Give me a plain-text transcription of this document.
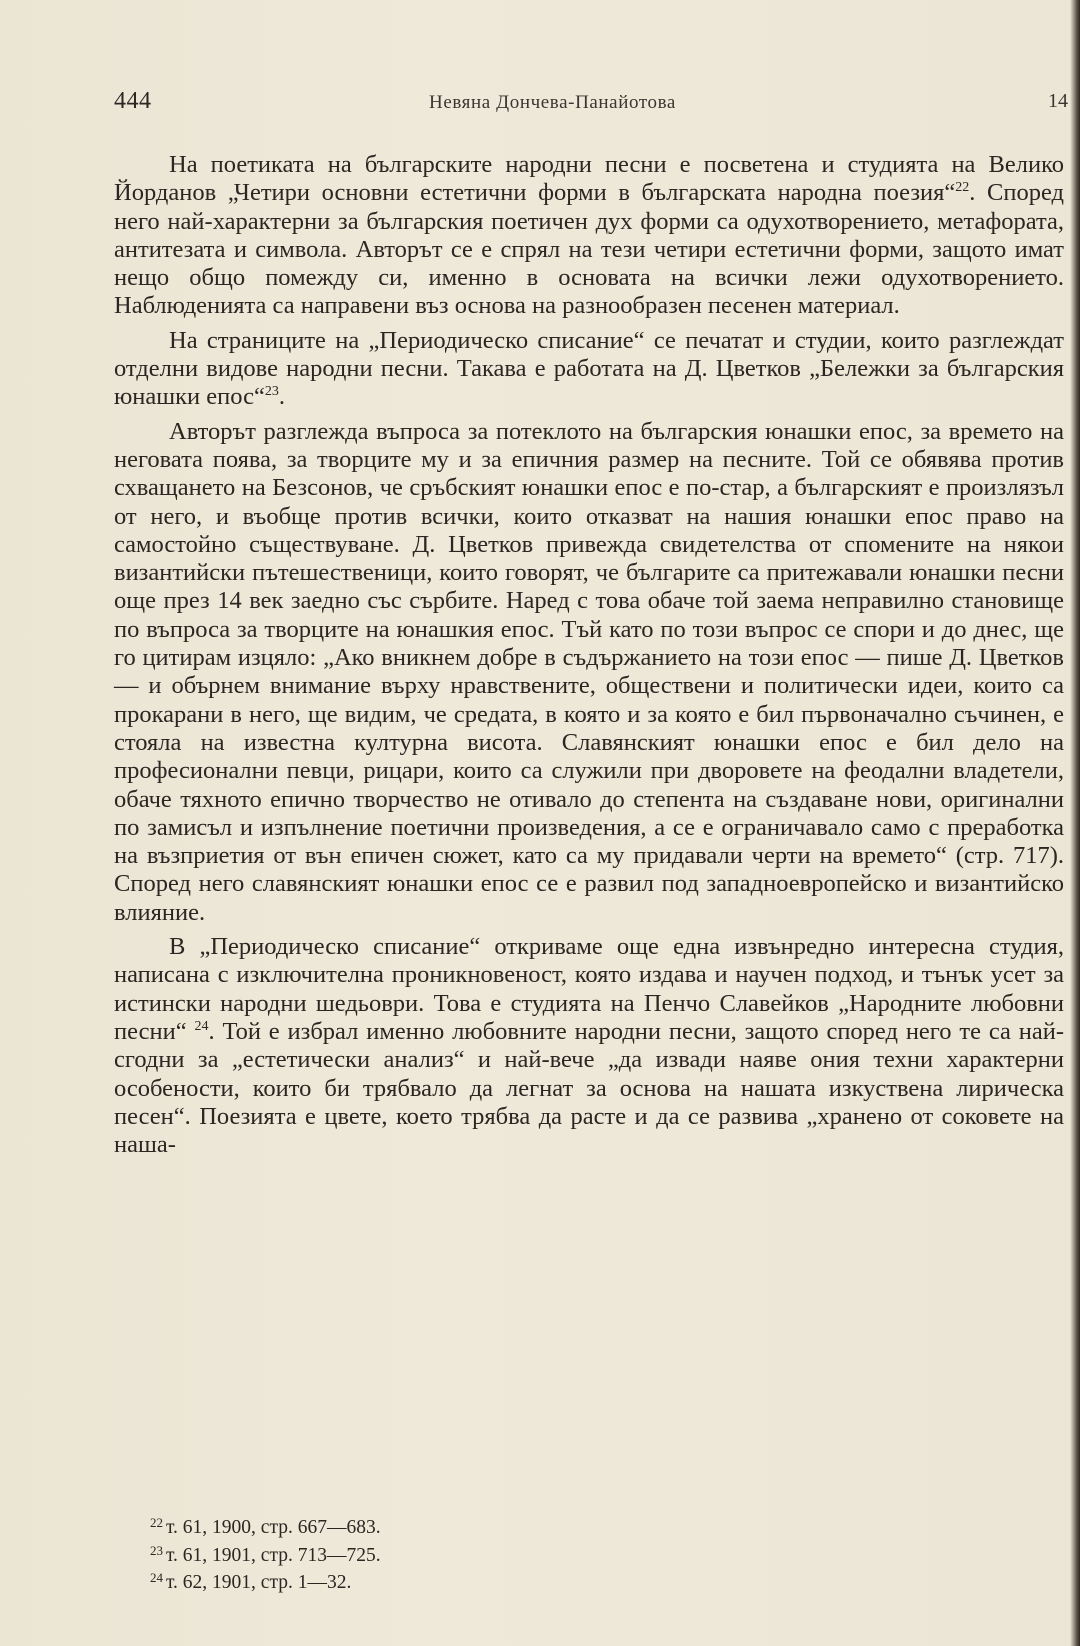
444	Невяна Дончева-Панайотова	14

На поетиката на българските народни песни е посветена и студията на Велико Йорданов „Четири основни естетични форми в българската народна поезия“$^{22}$. Според него най-характерни за българския поетичен дух форми са одухотворението, метафората, антитезата и символа. Авторът се е спрял на тези четири естетични форми, защото имат нещо общо помежду си, именно в основата на всички лежи одухотворението. Наблюденията са направени въз основа на разнообразен песенен материал.

На страниците на „Периодическо списание“ се печатат и студии, които разглеждат отделни видове народни песни. Такава е работата на Д. Цветков „Бележки за българския юнашки епос“$^{23}$.

Авторът разглежда въпроса за потеклото на българския юнашки епос, за времето на неговата поява, за творците му и за епичния размер на песните. Той се обявява против схващането на Безсонов, че сръбският юнашки епос е по-стар, а българският е произлязъл от него, и въобще против всички, които отказват на нашия юнашки епос право на самостойно съществуване. Д. Цветков привежда свидетелства от споменитe на някои византийски пътешественици, които говорят, че българите са притежавали юнашки песни още през 14 век заедно със сърбите. Наред с това обаче той заема неправилно становище по въпроса за творците на юнашкия епос. Тъй като по този въпрос се спори и до днес, ще го цитирам изцяло: „Ако вникнем добре в съдържанието на този епос — пише Д. Цветков — и обърнем внимание върху нравствените, обществени и политически идеи, които са прокарани в него, ще видим, че средата, в която и за която е бил първоначално съчинен, е стояла на известна културна висота. Славянският юнашки епос е бил дело на професионални певци, рицари, които са служили при дворовете на феодални владетели, обаче тяхното епично творчество не отивало до степента на създаване нови, оригинални по замисъл и изпълнение поетични произведения, а се е ограничавало само с преработка на възприетия от вън епичен сюжет, като са му придавали черти на времето“ (стр. 717). Според него славянският юнашки епос се е развил под западноевропейско и византийско влияние.

В „Периодическо списание“ откриваме още една извънредно интересна студия, написана с изключителна проникновеност, която издава и научен подход, и тънък усет за истински народни шедьоври. Това е студията на Пенчо Славейков „Народните любовни песни“ $^{24}$. Той е избрал именно любовните народни песни, защото според него те са най-сгодни за „естетически анализ“ и най-вече „да извади наяве ония техни характерни особености, които би трябвало да легнат за основа на нашата изкуствена лирическа песен“. Поезията е цвете, което трябва да расте и да се развива „хранено от соковете на наша-

$^{22}$ т. 61, 1900, стр. 667—683.
$^{23}$ т. 61, 1901, стр. 713—725.
$^{24}$ т. 62, 1901, стр. 1—32.
